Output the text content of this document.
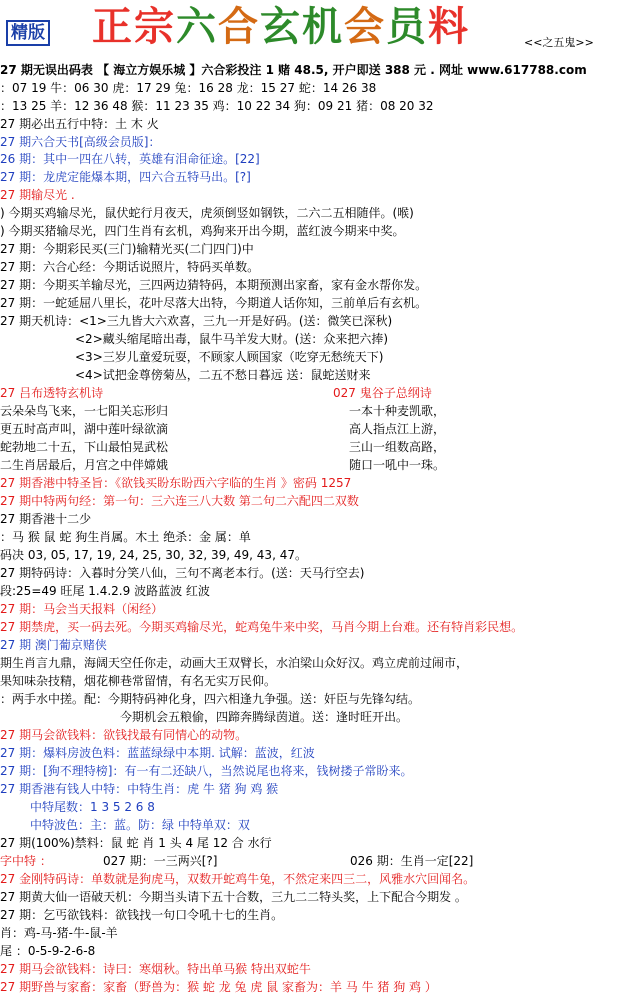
精版 正宗六合玄机会员料	<<之五鬼>>
27 期无误出码表 【 海立方娱乐城 】六合彩投注 1 赌 48.5, 开户即送 388 元 . 网址 www.617788.com
：07 19 牛：06 30 虎：17 29 兔：16 28 龙：15 27 蛇：14 26 38
：13 25 羊：12 36 48 猴：11 23 35 鸡：10 22 34 狗：09 21 猪：08 20 32
27 期必出五行中特：土 木 火
27 期六合天书[高级会员版]：
26 期：其中一四在八转，英雄有泪命征途。[22]
27 期：龙虎定能爆本期，四六合五特马出。[?]
27 期输尽光 .
) 今期买鸡输尽光，鼠伏蛇行月夜天，虎须倒竖如钢铁，二六二五相随伴。(喉)
) 今期买猪输尽光，四门生肖有玄机，鸡狗来开出今期，蓝红波今期来中奖。
27 期：今期彩民买(三门)输精光买(二门四门)中
27 期：六合心经：今期话说照片，特码买单数。
27 期：今期买羊输尽光，三四两边猜特码，本期预测出家畜，家有金水帮你发。
27 期：一蛇延屈八里长，花叶尽落大出特，今期道人话你知，三前单后有玄机。
27 期天机诗：<1>三九皆大六欢喜，三九一开是好码。(送：微笑已深秋)
<2>藏头缩尾暗出毒，鼠牛马羊发大财。(送：众来把六捧)
<3>三岁儿童爱玩耍，不顾家人顾国家（吃穿无愁统天下)
<4>试把金尊傍菊丛，二五不愁日暮远 送：鼠蛇送财来
27 吕布透特玄机诗	027 鬼谷子总纲诗
云朵朵鸟飞来，一七阳关忘形归	一本十种麦凯歌，
更五时高声叫，湖中莲叶绿欲滴	高人指点江上游，
蛇勃地二十五，下山最怕晃武松	三山一组数高路，
二生肖居最后，月宫之中伴嫦娥	随口一吼中一珠。
27 期香港中特圣旨：《欲钱买盼东盼西六字临的生肖 》密码 1257
27 期中特两句经：第一句：三六连三八大数 第二句二六配四二双数
27 期香港十二少
：马 猴 鼠 蛇 狗生肖属。木土 绝杀：金 属：单
码决 03, 05, 17, 19, 24, 25, 30, 32, 39, 49, 43, 47。
27 期特码诗：入暮时分笑八仙，三句不离老本行。(送：天马行空去)
段:25=49 旺尾 1.4.2.9 波路蓝波 红波
27 期：马会当天报料（闲经）
27 期禁虎，买一码去死。今期买鸡输尽光，蛇鸡兔牛来中奖，马肖今期上台难。还有特肖彩民想。
27 期 澳门葡京赌侠
期生肖言九鼎，海阔天空任你走，动画大王双臂长，水泊梁山众好汉。鸡立虎前过闹市，
果知味杂技精，烟花柳巷常留情，有名无实万民仰。
：两手水中搓。配：今期特码神化身，四六相逢九争强。送：奸臣与先锋勾结。
今期机会五粮偷，四蹄奔腾绿茵道。送：逢时旺开出。
27 期马会欲钱料：欲钱找最有同情心的动物。
27 期：爆料房波色料：蓝蓝绿绿中本期. 试解：蓝波，红波
27 期：[狗不理特榜]：有一有二还缺八，当然说尾也将来，钱树搂子常盼来。
27 期香港有钱人中特：中特生肖：虎 牛 猪 狗 鸡 猴
中特尾数：1 3 5 2 6 8
中特波色：主：蓝。防：绿 中特单双：双
27 期(100%)禁料：鼠 蛇 肖 1 头 4 尾 12 合 水行
字中特 ：	027 期：一三两兴[?]	026 期：生肖一定[22]
27 金刚特码诗：单数就是狗虎马，双数开蛇鸡牛兔，不然定来四三二，风雅水穴回闻名。
27 期黄大仙一语破天机：今期当头请下五十合数，三九二二特头奖，上下配合今期发 。
27 期：乞丐欲钱料：欲钱找一句口令吼十七的生肖。
肖：鸡-马-猪-牛-鼠-羊
尾 ：0-5-9-2-6-8
27 期马会欲钱料：诗曰：寒烟秋。特出单马猴 特出双蛇牛
27 期野兽与家畜：家畜（野兽为：猴 蛇 龙 兔 虎 鼠 家畜为：羊 马 牛 猪 狗 鸡 ）
